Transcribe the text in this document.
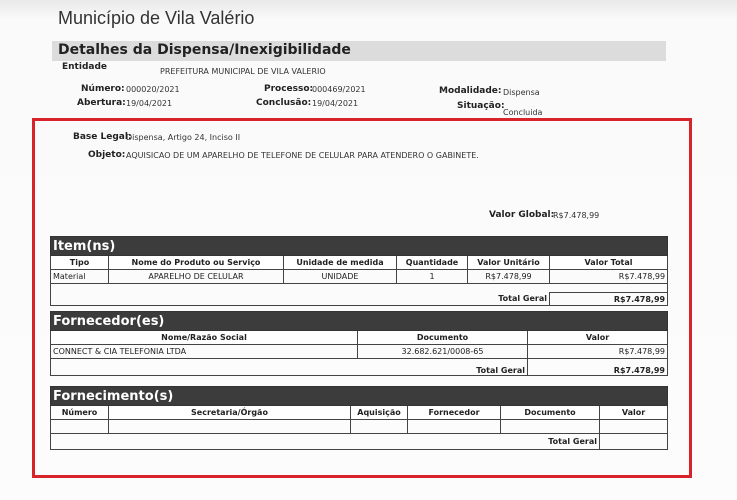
Município de Vila Valério
Detalhes da Dispensa/Inexigibilidade
Entidade	PREFEITURA MUNICIPAL DE VILA VALERIO
Número: 000020/2021
Abertura: 19/04/2021
Processo:
000469/2021
Conclusão: 19/04/2021
Modalidade: Dispensa
Situação:
Concluida
Base Legal:
Dispensa, Artigo 24, Inciso II
Objeto: AQUISICAO DE UM APARELHO DE TELEFONE DE CELULAR PARA ATENDERO O GABINETE.
Valor Global:
R$7.478,99
Item(ns)					
Tipo	Nome do Produto ou Serviço	Unidade de medida	Quantidade	Valor Unitário	Valor Total
Material	APARELHO DE CELULAR	UNIDADE	1	R$7.478,99	R$7.478,99

Total Geral					R$7.478,99
Fornecedor(es)		
Nome/Razão Social	Documento	Valor
CONNECT & CIA TELEFONIA LTDA	32.682.621/0008-65	R$7.478,99
Total Geral		R$7.478,99
Fornecimento(s)					
Número	Secretaria/Órgão	Aquisição	Fornecedor	Documento	Valor

Total Geral					
